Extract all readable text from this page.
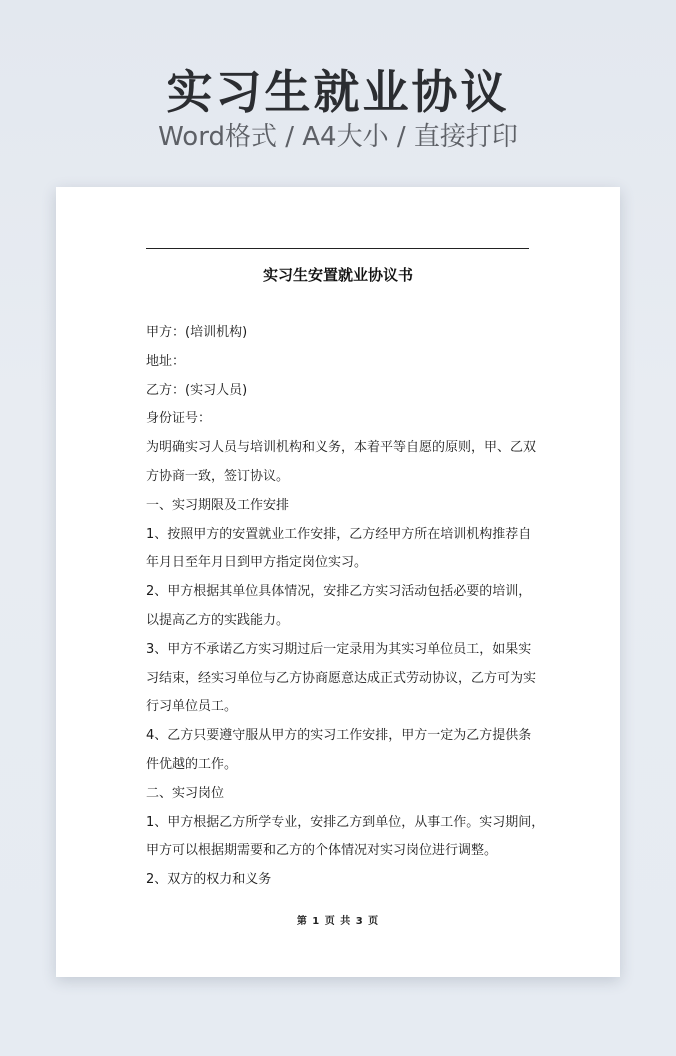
实习生就业协议
Word格式 / A4大小 / 直接打印
实习生安置就业协议书
甲方：(培训机构)
地址：
乙方：(实习人员)
身份证号：
为明确实习人员与培训机构和义务，本着平等自愿的原则，甲、乙双
方协商一致，签订协议。
一、实习期限及工作安排
1、按照甲方的安置就业工作安排，乙方经甲方所在培训机构推荐自
年月日至年月日到甲方指定岗位实习。
2、甲方根据其单位具体情况，安排乙方实习活动包括必要的培训，
以提高乙方的实践能力。
3、甲方不承诺乙方实习期过后一定录用为其实习单位员工，如果实
习结束，经实习单位与乙方协商愿意达成正式劳动协议，乙方可为实
行习单位员工。
4、乙方只要遵守服从甲方的实习工作安排，甲方一定为乙方提供条
件优越的工作。
二、实习岗位
1、甲方根据乙方所学专业，安排乙方到单位，从事工作。实习期间，
甲方可以根据期需要和乙方的个体情况对实习岗位进行调整。
2、双方的权力和义务
第 1 页 共 3 页
